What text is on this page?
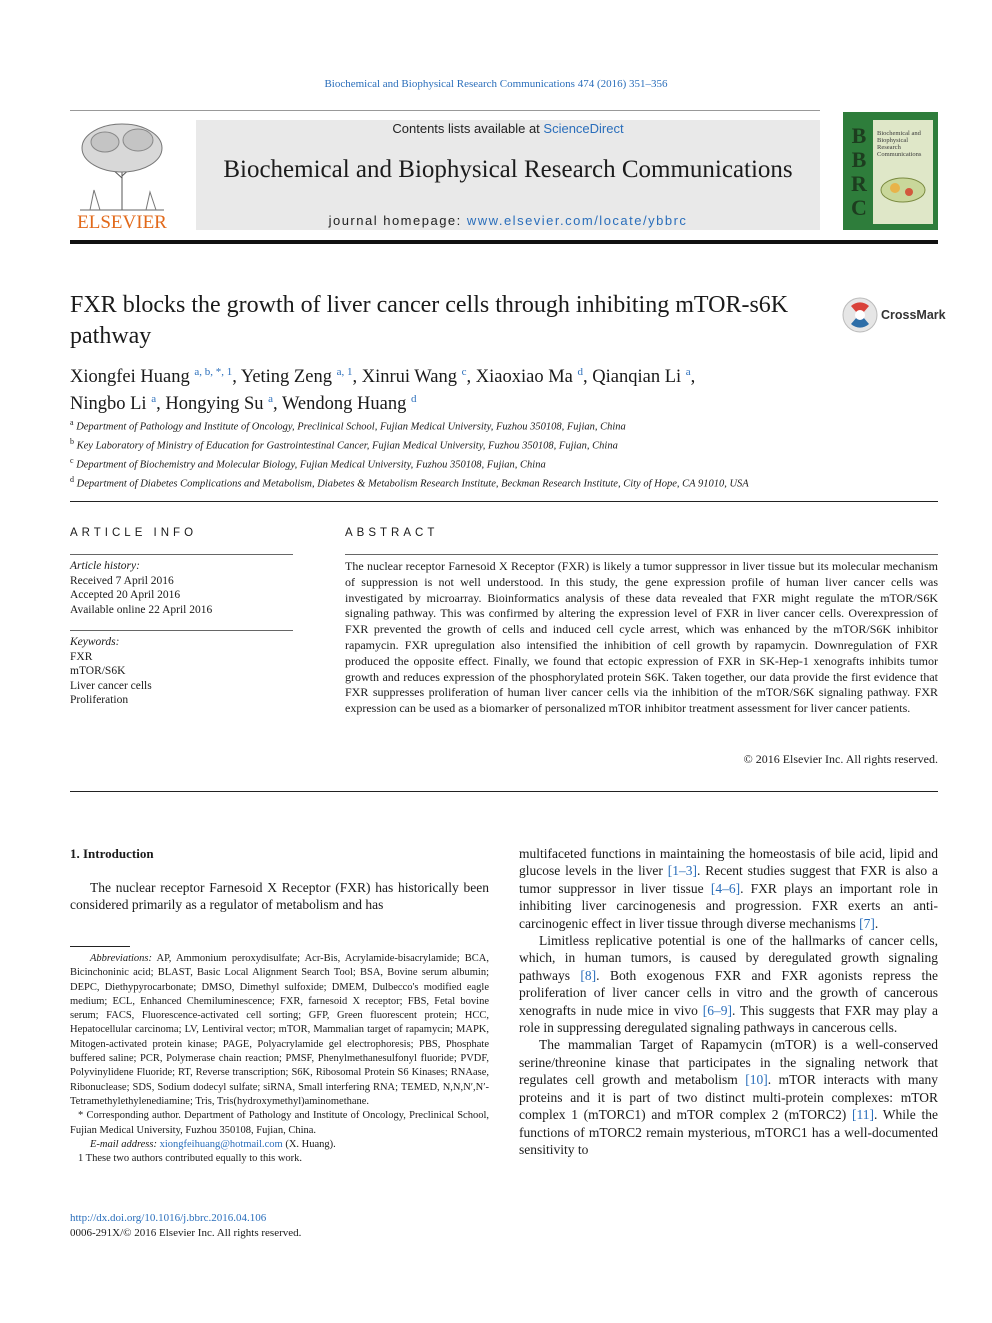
Biochemical and Biophysical Research Communications 474 (2016) 351–356
ELSEVIER
Contents lists available at ScienceDirect
Biochemical and Biophysical Research Communications
journal homepage: www.elsevier.com/locate/ybbrc
B
B
R
C
Biochemical and Biophysical Research Communications
FXR blocks the growth of liver cancer cells through inhibiting mTOR-s6K pathway
CrossMark
Xiongfei Huang $^{a, b, *, 1}$, Yeting Zeng $^{a, 1}$, Xinrui Wang $^c$, Xiaoxiao Ma $^d$, Qianqian Li $^a$,
Ningbo Li $^a$, Hongying Su $^a$, Wendong Huang $^d$
$^a$ Department of Pathology and Institute of Oncology, Preclinical School, Fujian Medical University, Fuzhou 350108, Fujian, China
$^b$ Key Laboratory of Ministry of Education for Gastrointestinal Cancer, Fujian Medical University, Fuzhou 350108, Fujian, China
$^c$ Department of Biochemistry and Molecular Biology, Fujian Medical University, Fuzhou 350108, Fujian, China
$^d$ Department of Diabetes Complications and Metabolism, Diabetes & Metabolism Research Institute, Beckman Research Institute, City of Hope, CA 91010, USA
ARTICLE INFO
Article history:
Received 7 April 2016
Accepted 20 April 2016
Available online 22 April 2016
Keywords:
FXR
mTOR/S6K
Liver cancer cells
Proliferation
ABSTRACT
The nuclear receptor Farnesoid X Receptor (FXR) is likely a tumor suppressor in liver tissue but its molecular mechanism of suppression is not well understood. In this study, the gene expression profile of human liver cancer cells was investigated by microarray. Bioinformatics analysis of these data revealed that FXR might regulate the mTOR/S6K signaling pathway. This was confirmed by altering the expression level of FXR in liver cancer cells. Overexpression of FXR prevented the growth of cells and induced cell cycle arrest, which was enhanced by the mTOR/S6K inhibitor rapamycin. FXR upregulation also intensified the inhibition of cell growth by rapamycin. Downregulation of FXR produced the opposite effect. Finally, we found that ectopic expression of FXR in SK-Hep-1 xenografts inhibits tumor growth and reduces expression of the phosphorylated protein S6K. Taken together, our data provide the first evidence that FXR suppresses proliferation of human liver cancer cells via the inhibition of the mTOR/S6K signaling pathway. FXR expression can be used as a biomarker of personalized mTOR inhibitor treatment assessment for liver cancer patients.
© 2016 Elsevier Inc. All rights reserved.
1. Introduction
The nuclear receptor Farnesoid X Receptor (FXR) has historically been considered primarily as a regulator of metabolism and has
Abbreviations: AP, Ammonium peroxydisulfate; Acr-Bis, Acrylamide-bisacrylamide; BCA, Bicinchoninic acid; BLAST, Basic Local Alignment Search Tool; BSA, Bovine serum albumin; DEPC, Diethypyrocarbonate; DMSO, Dimethyl sulfoxide; DMEM, Dulbecco's modified eagle medium; ECL, Enhanced Chemiluminescence; FXR, farnesoid X receptor; FBS, Fetal bovine serum; FACS, Fluorescence-activated cell sorting; GFP, Green fluorescent protein; HCC, Hepatocellular carcinoma; LV, Lentiviral vector; mTOR, Mammalian target of rapamycin; MAPK, Mitogen-activated protein kinase; PAGE, Polyacrylamide gel electrophoresis; PBS, Phosphate buffered saline; PCR, Polymerase chain reaction; PMSF, Phenylmethanesulfonyl fluoride; PVDF, Polyvinylidene Fluoride; RT, Reverse transcription; S6K, Ribosomal Protein S6 Kinases; RNAase, Ribonuclease; SDS, Sodium dodecyl sulfate; siRNA, Small interfering RNA; TEMED, N,N,N′,N′-Tetramethylethylenediamine; Tris, Tris(hydroxymethyl)aminomethane.
* Corresponding author. Department of Pathology and Institute of Oncology, Preclinical School, Fujian Medical University, Fuzhou 350108, Fujian, China.
E-mail address: xiongfeihuang@hotmail.com (X. Huang).
1 These two authors contributed equally to this work.
http://dx.doi.org/10.1016/j.bbrc.2016.04.106
0006-291X/© 2016 Elsevier Inc. All rights reserved.
multifaceted functions in maintaining the homeostasis of bile acid, lipid and glucose levels in the liver [1–3]. Recent studies suggest that FXR is also a tumor suppressor in liver tissue [4–6]. FXR plays an important role in inhibiting liver carcinogenesis and progression. FXR exerts an anti-carcinogenic effect in liver tissue through diverse mechanisms [7].
Limitless replicative potential is one of the hallmarks of cancer cells, which, in human tumors, is caused by deregulated growth signaling pathways [8]. Both exogenous FXR and FXR agonists repress the proliferation of liver cancer cells in vitro and the growth of cancerous xenografts in nude mice in vivo [6–9]. This suggests that FXR may play a role in suppressing deregulated signaling pathways in cancerous cells.
The mammalian Target of Rapamycin (mTOR) is a well-conserved serine/threonine kinase that participates in the signaling network that regulates cell growth and metabolism [10]. mTOR interacts with many proteins and it is part of two distinct multi-protein complexes: mTOR complex 1 (mTORC1) and mTOR complex 2 (mTORC2) [11]. While the functions of mTORC2 remain mysterious, mTORC1 has a well-documented sensitivity to
